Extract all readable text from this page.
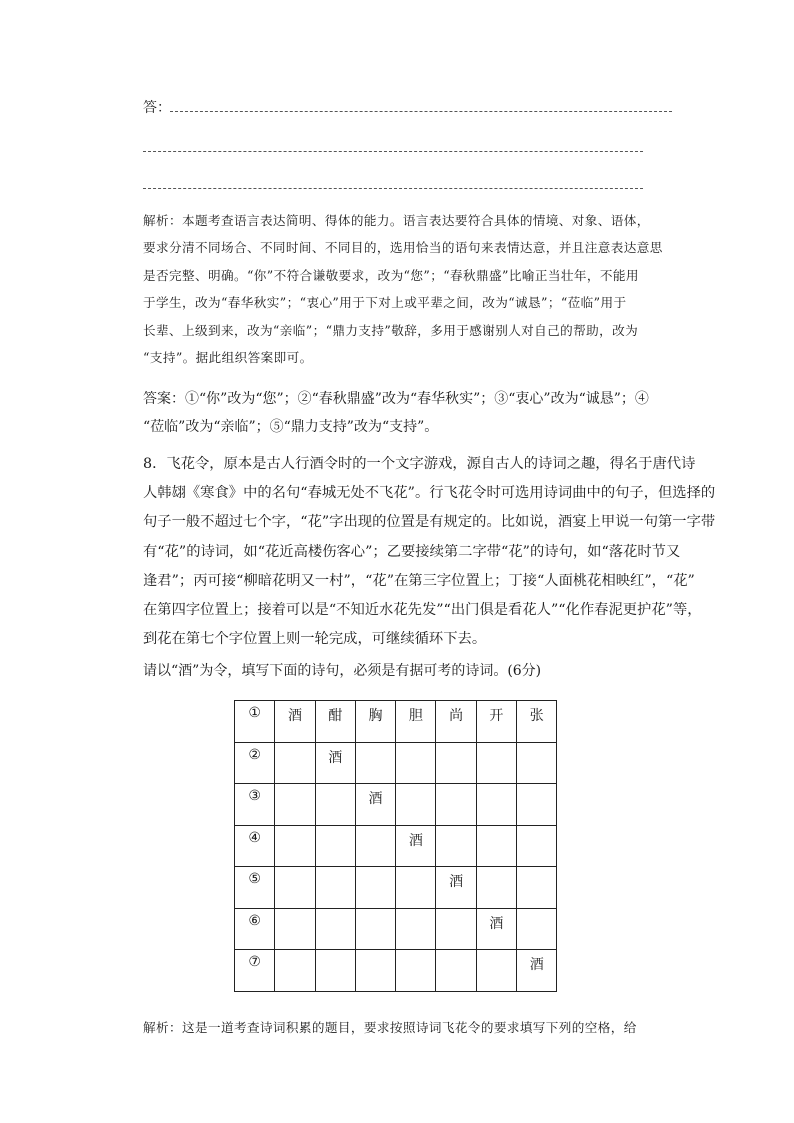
答：

解析：本题考查语言表达简明、得体的能力。语言表达要符合具体的情境、对象、语体，

要求分清不同场合、不同时间、不同目的，选用恰当的语句来表情达意，并且注意表达意思

是否完整、明确。“你”不符合谦敬要求，改为“您”；“春秋鼎盛”比喻正当壮年，不能用

于学生，改为“春华秋实”；“衷心”用于下对上或平辈之间，改为“诚恳”；“莅临”用于

长辈、上级到来，改为“亲临”；“鼎力支持”敬辞，多用于感谢别人对自己的帮助，改为

“支持”。据此组织答案即可。

答案：①“你”改为“您”；②“春秋鼎盛”改为“春华秋实”；③“衷心”改为“诚恳”；④

“莅临”改为“亲临”；⑤“鼎力支持”改为“支持”。

8．飞花令，原本是古人行酒令时的一个文字游戏，源自古人的诗词之趣，得名于唐代诗

人韩翃《寒食》中的名句“春城无处不飞花”。行飞花令时可选用诗词曲中的句子，但选择的

句子一般不超过七个字，“花”字出现的位置是有规定的。比如说，酒宴上甲说一句第一字带

有“花”的诗词，如“花近高楼伤客心”；乙要接续第二字带“花”的诗句，如“落花时节又

逢君”；丙可接“柳暗花明又一村”，“花”在第三字位置上；丁接“人面桃花相映红”，“花”

在第四字位置上；接着可以是“不知近水花先发”“出门俱是看花人”“化作春泥更护花”等，

到花在第七个字位置上则一轮完成，可继续循环下去。

请以“酒”为令，填写下面的诗句，必须是有据可考的诗词。(6分)
①	酒	酣	胸	胆	尚	开	张

②		酒					

③			酒				

④				酒			

⑤					酒		

⑥						酒	

⑦							酒
解析：这是一道考查诗词积累的题目，要求按照诗词飞花令的要求填写下列的空格，给
